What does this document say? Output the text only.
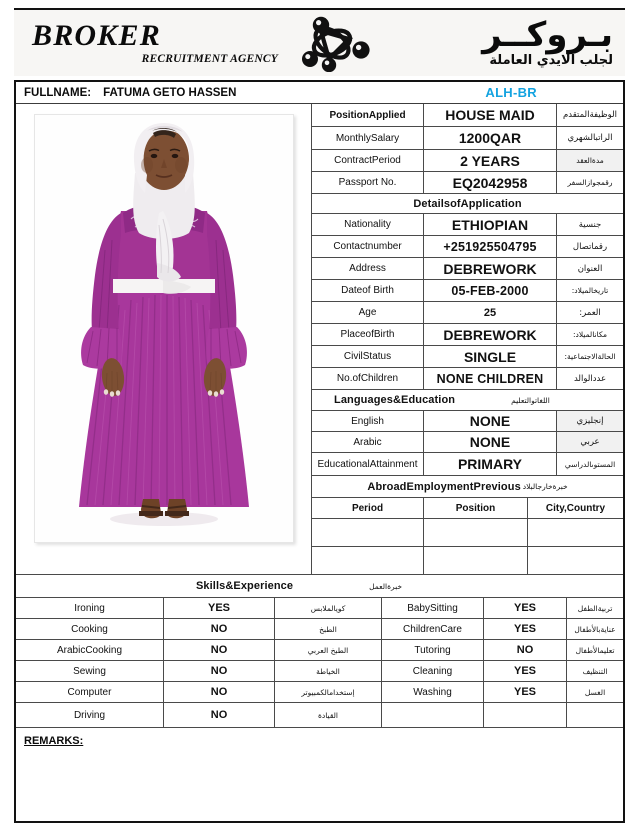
BROKER
RECRUITMENT AGENCY
بـروكــر
لجلب الايدي العاملة
FULLNAME:	FATUMA GETO HASSEN	ALH-BR
PositionApplied	HOUSE MAID	الوظيفةالمتقدم
MonthlySalary	1200QAR	الراتبالشهري
ContractPeriod	2 YEARS	مدةالعقد
Passport No.	EQ2042958	رقمجوازالسفر
DetailsofApplication
Nationality	ETHIOPIAN	جنسية
Contactnumber	+251925504795	رقماتصال
Address	DEBREWORK	العنوان
Dateof Birth	05-FEB-2000	تاريخالميلاد:
Age	25	العمر:
PlaceofBirth	DEBREWORK	مكانالميلاد:
CivilStatus	SINGLE	الحالةالاجتماعية:
No.ofChildren	NONE CHILDREN	عددالوالد
Languages&Education	اللغاتوالتعليم
English	NONE	إنجليزي
Arabic	NONE	عربي
EducationalAttainment	PRIMARY	المستوىالدراسي
AbroadEmploymentPrevious خبرةخارجالبلاد
Period	Position	City,Country
Skills&Experience	خبرةالعمل
Ironing	YES	كويالملابس	BabySitting	YES	تربيةالطفل
Cooking	NO	الطبخ	ChildrenCare	YES	عنايةبالأطفال
ArabicCooking	NO	الطبخ العربي	Tutoring	NO	تعليمالأطفال
Sewing	NO	الخياطة	Cleaning	YES	التنظيف
Computer	NO	إستخدامالكمبيوتر	Washing	YES	الغسل
Driving	NO	القيادة
REMARKS:
